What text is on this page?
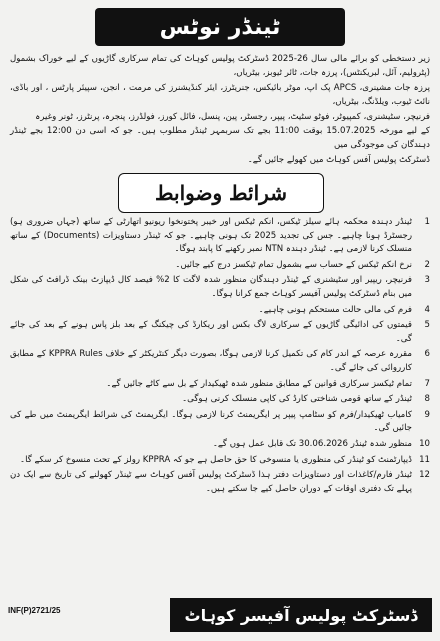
ٹینڈر نوٹس

زیر دستخطی کو برائے مالی سال 26-2025 ڈسٹرکٹ پولیس کوہاٹ کی تمام سرکاری گاڑیوں کے لیے خوراک بشمول (پٹرولیم، آئل، لبریکنٹس)، پرزہ جات، ٹائر ٹیوبز، بیٹریاں،

پرزہ جات مشینری، APCS پک اپ، موٹر بائیکس، جنریٹرز، ایئر کنڈیشنرز کی مرمت ، انجن، سپیئر پارٹس ، اور باڈی، نائٹ ٹیوب، ویلڈنگ، بیٹریاں،

فرنیچر، سٹیشنری، کمپیوٹر، فوٹو سٹیٹ، پیپر، رجسٹر، پین، پنسل، فائل کورز، فولڈرز، پنجرہ، پرنٹرز، ٹونر وغیرہ

کے لیے مورخہ 15.07.2025 بوقت 11:00 بجے تک سربمہر ٹینڈر مطلوب ہیں۔ جو کہ اسی دن 12:00 بجے ٹینڈر دہندگان کی موجودگی میں

ڈسٹرکٹ پولیس آفس کوہاٹ میں کھولے جائیں گے۔

شرائط وضوابط
1
ٹینڈر دہندہ محکمہ ہائے سیلز ٹیکس، انکم ٹیکس اور خیبر پختونخوا ریونیو اتھارٹی کے ساتھ (جہاں ضروری ہو) رجسٹرڈ ہونا چاہیے۔ جس کی تجدید 2025 تک ہونی چاہیے۔ جو کہ ٹینڈر دستاویزات (Documents) کے ساتھ منسلک کرنا لازمی ہے۔ ٹینڈر دہندہ NTN نمبر رکھنے کا پابند ہوگا۔
2
نرخ انکم ٹیکس کے حساب سے بشمول تمام ٹیکسز درج کیے جائیں۔
3
فرنیچر، ریپیر اور سٹیشنری کے ٹینڈر دہندگان منظور شدہ لاگت کا 2% فیصد کال ڈیپازٹ بینک ڈرافٹ کی شکل میں بنام ڈسٹرکٹ پولیس آفیسر کوہاٹ جمع کرانا ہوگا۔
4
فرم کی مالی حالت مستحکم ہونی چاہیے۔
5
قیمتوں کی ادائیگی گاڑیوں کے سرکاری لاگ بکس اور ریکارڈ کی چیکنگ کے بعد بلز پاس ہونے کے بعد کی جائے گی۔
6
مقررہ عرصہ کے اندر کام کی تکمیل کرنا لازمی ہوگا، بصورت دیگر کنٹریکٹر کے خلاف KPPRA Rules کے مطابق کارروائی کی جائے گی۔
7
تمام ٹیکسز سرکاری قوانین کے مطابق منظور شدہ ٹھیکیدار کے بل سے کاٹے جائیں گے۔
8
ٹینڈر کے ساتھ قومی شناختی کارڈ کی کاپی منسلک کرنی ہوگی۔
9
کامیاب ٹھیکیدار/فرم کو سٹامپ پیپر پر ایگریمنٹ کرنا لازمی ہوگا۔ ایگریمنٹ کی شرائط ایگریمنٹ میں طے کی جائیں گی۔
10
منظور شدہ ٹینڈر 30.06.2026 تک قابل عمل ہوں گے۔
11
ڈیپارٹمنٹ کو ٹینڈر کی منظوری یا منسوخی کا حق حاصل ہے جو کہ KPPRA رولز کے تحت منسوخ کر سکے گا۔
12
ٹینڈر فارم/کاغذات اور دستاویزات دفتر ہذا ڈسٹرکٹ پولیس آفس کوہاٹ سے ٹینڈر کھولنے کی تاریخ سے ایک دن پہلے تک دفتری اوقات کے دوران حاصل کیے جا سکتے ہیں۔
INF(P)2721/25	ڈسٹرکٹ پولیس آفیسر کوہاٹ
